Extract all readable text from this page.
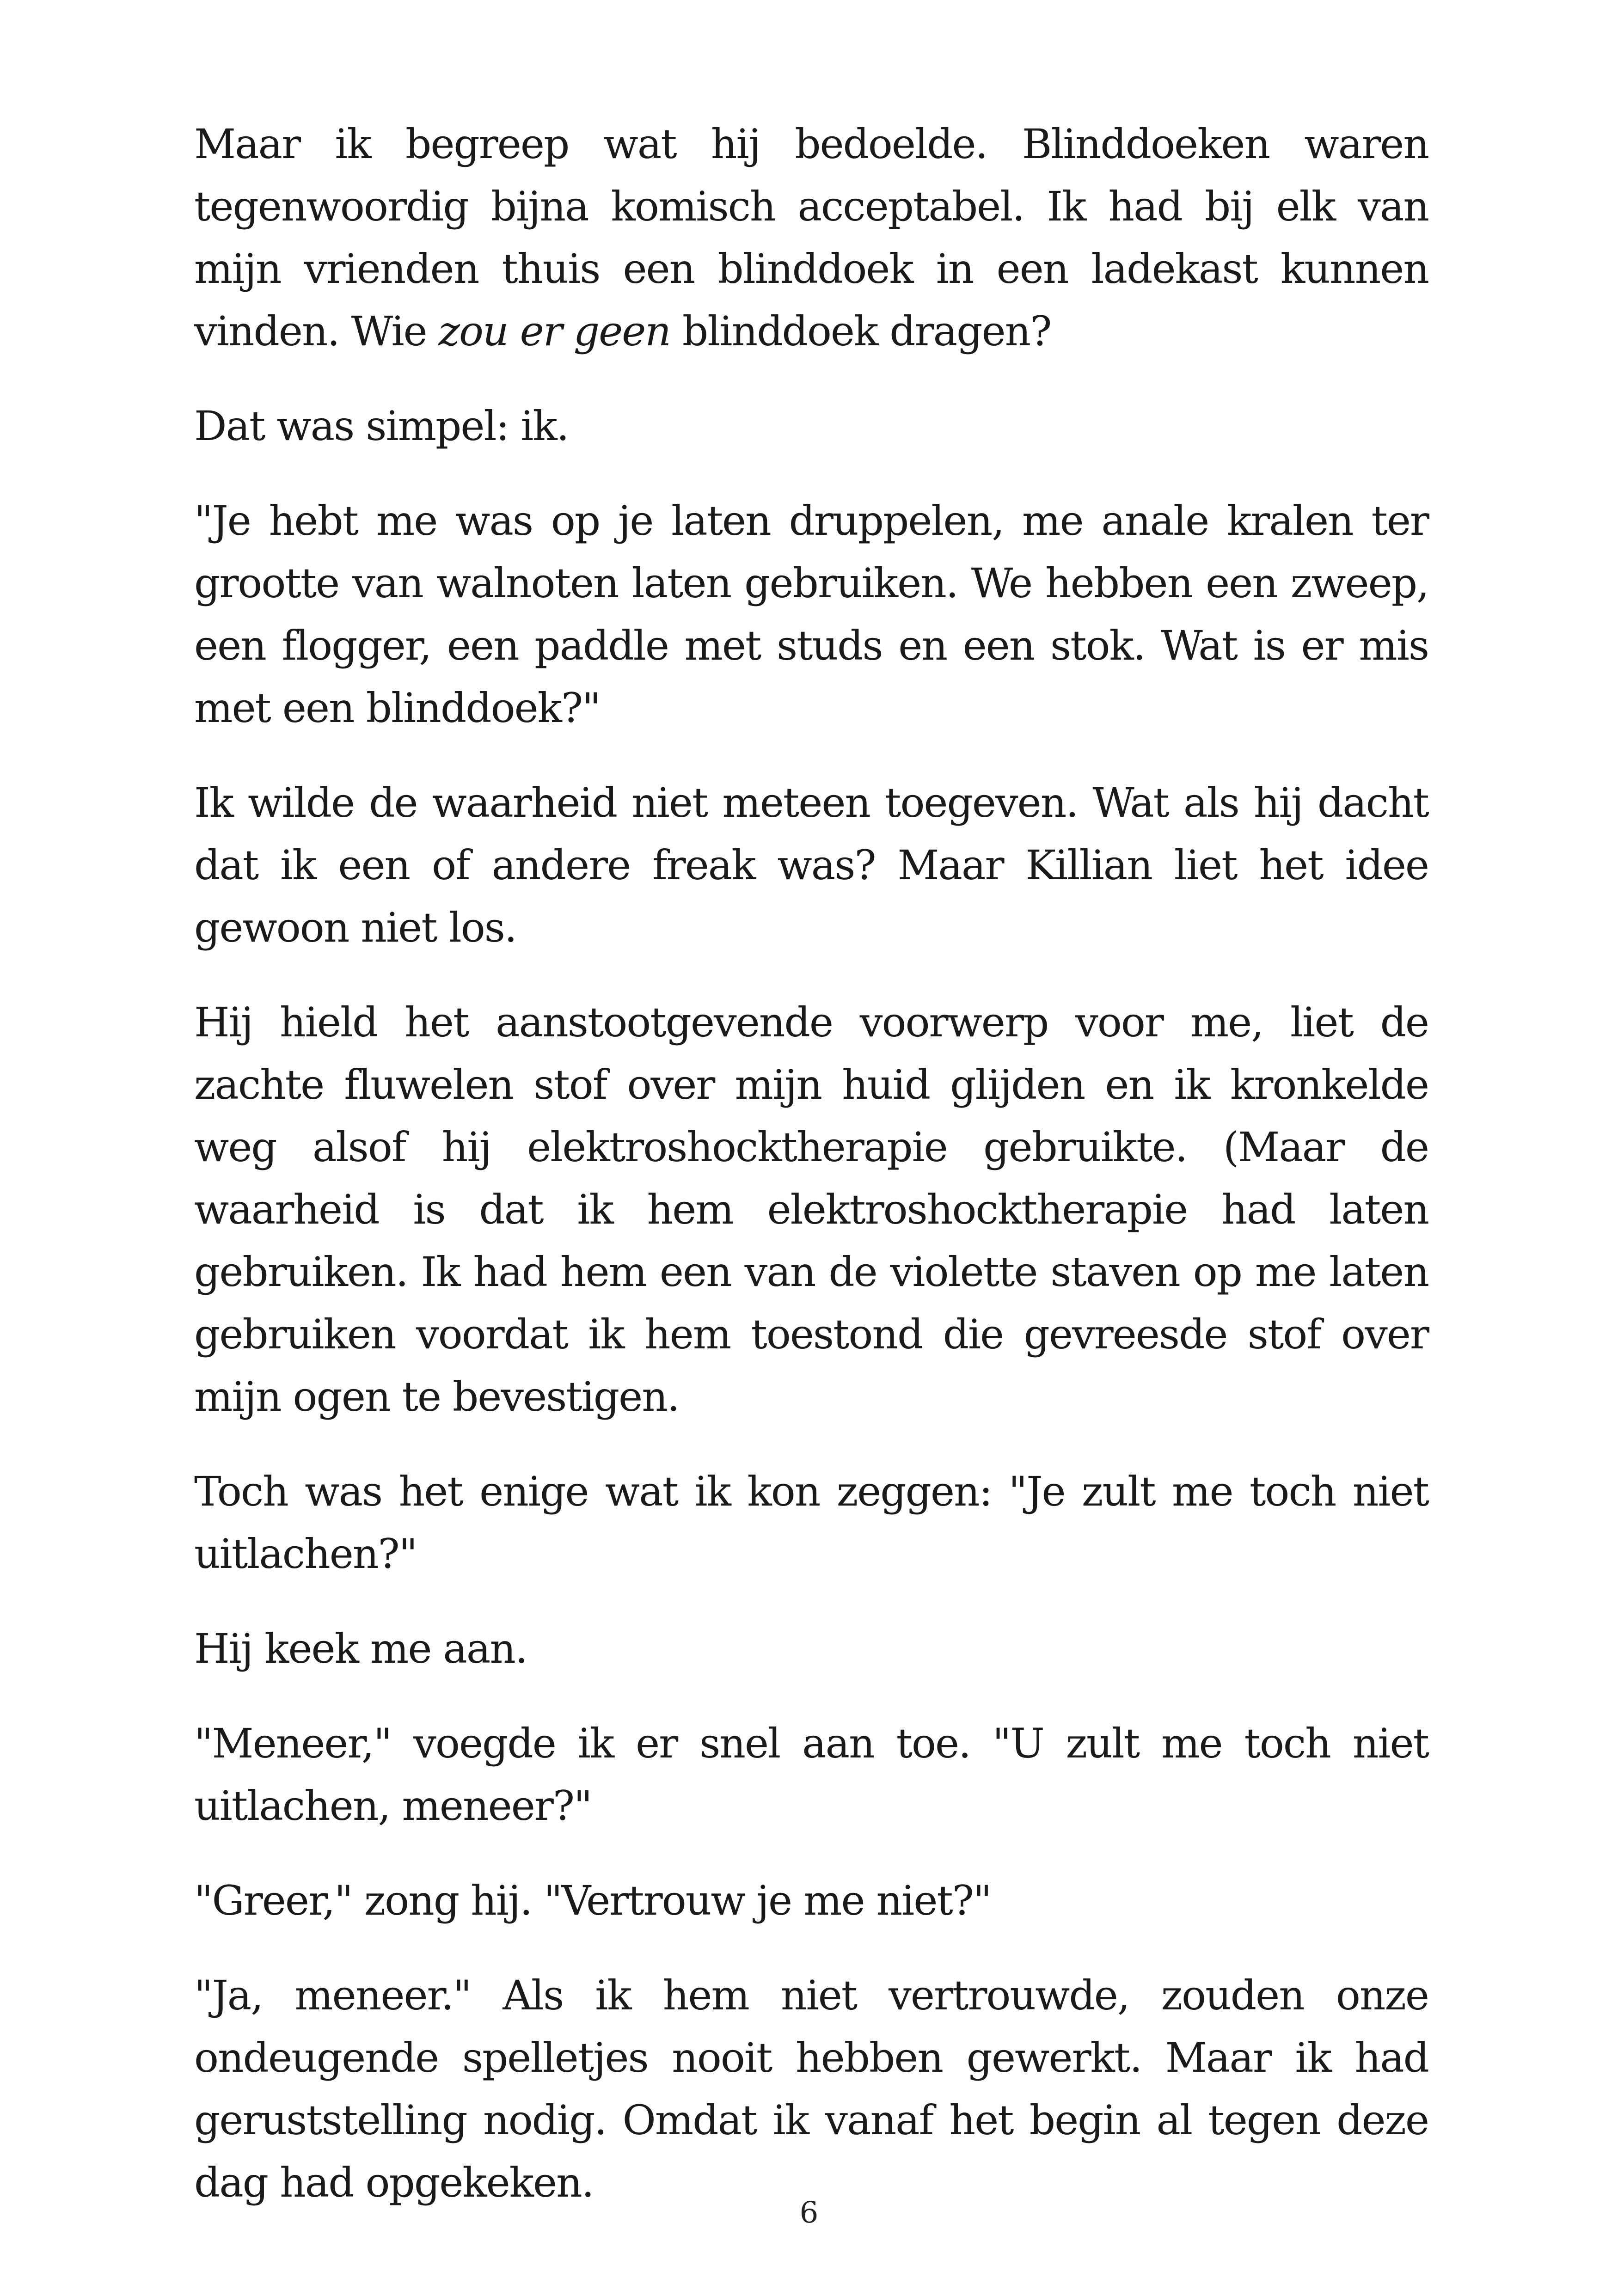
Maar ik begreep wat hij bedoelde. Blinddoeken waren tegenwoordig bijna komisch acceptabel. Ik had bij elk van mijn vrienden thuis een blinddoek in een ladekast kunnen vinden. Wie zou er geen blinddoek dragen?

Dat was simpel: ik.

"Je hebt me was op je laten druppelen, me anale kralen ter grootte van walnoten laten gebruiken. We hebben een zweep, een flogger, een paddle met studs en een stok. Wat is er mis met een blinddoek?"

Ik wilde de waarheid niet meteen toegeven. Wat als hij dacht dat ik een of andere freak was? Maar Killian liet het idee gewoon niet los.

Hij hield het aanstootgevende voorwerp voor me, liet de zachte fluwelen stof over mijn huid glijden en ik kronkelde weg alsof hij elektroshocktherapie gebruikte. (Maar de waarheid is dat ik hem elektroshocktherapie had laten gebruiken. Ik had hem een van de violette staven op me laten gebruiken voordat ik hem toestond die gevreesde stof over mijn ogen te bevestigen.

Toch was het enige wat ik kon zeggen: "Je zult me toch niet uitlachen?"

Hij keek me aan.

"Meneer," voegde ik er snel aan toe. "U zult me toch niet uitlachen, meneer?"

"Greer," zong hij. "Vertrouw je me niet?"

"Ja, meneer." Als ik hem niet vertrouwde, zouden onze ondeugende spelletjes nooit hebben gewerkt. Maar ik had geruststelling nodig. Omdat ik vanaf het begin al tegen deze dag had opgekeken.

6
